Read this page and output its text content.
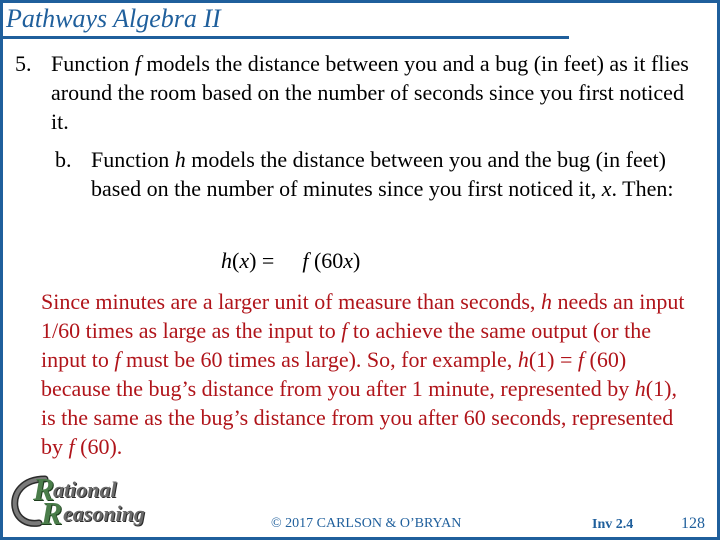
Pathways Algebra II
5. Function f models the distance between you and a bug (in feet) as it flies around the room based on the number of seconds since you first noticed it.
b. Function h models the distance between you and the bug (in feet) based on the number of minutes since you first noticed it, x. Then:
h(x) = f (60x)
Since minutes are a larger unit of measure than seconds, h needs an input 1/60 times as large as the input to f to achieve the same output (or the input to f must be 60 times as large). So, for example, h(1) = f (60) because the bug’s distance from you after 1 minute, represented by h(1), is the same as the bug’s distance from you after 60 seconds, represented by f (60).
R
ational
R easoning	© 2017 CARLSON & O’BRYAN	Inv 2.4	128
